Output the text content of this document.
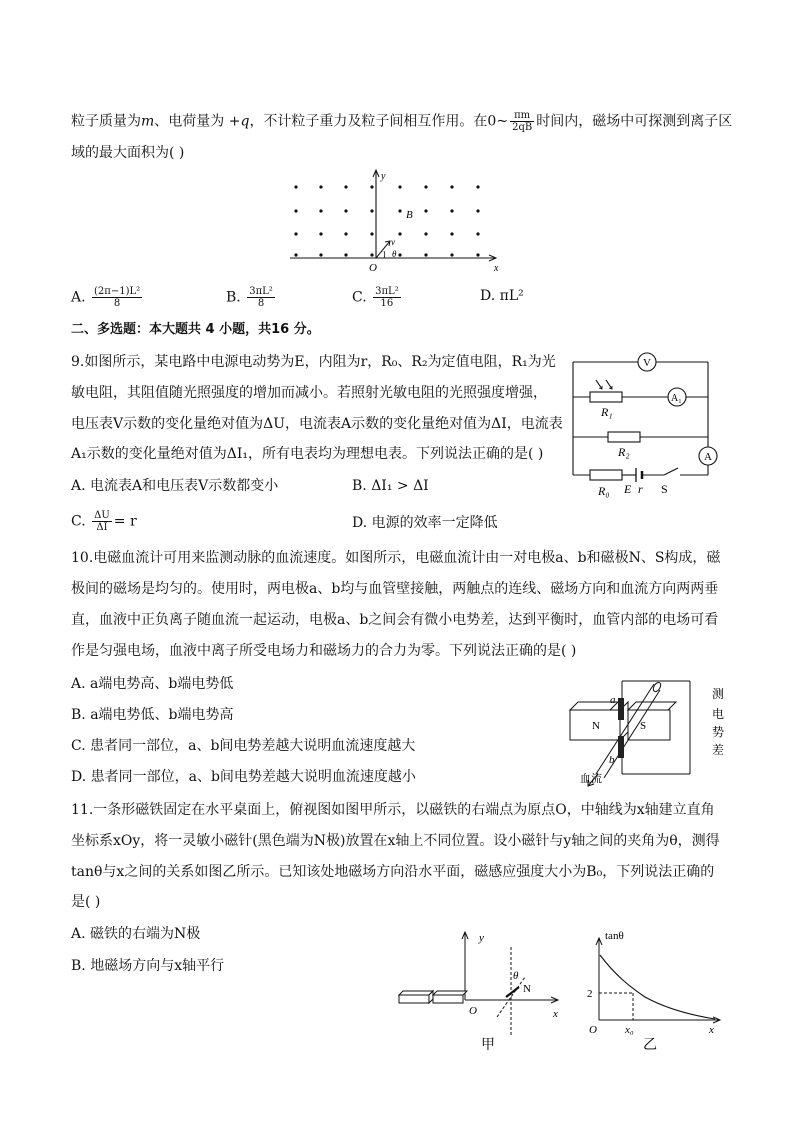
粒子质量为m、电荷量为 +q，不计粒子重力及粒子间相互作用。在0~ $\frac{\pi m}{2qB}$ 时间内，磁场中可探测到离子区
域的最大面积为( )
y
x
O
B
v
θ
A. $\frac{\text{(2π−1)L²}}{8}$	B. $\frac{\text{3πL²}}{8}$	C. $\frac{\text{3πL²}}{16}$	D. πL²
二、多选题：本大题共 4 小题，共16 分。
9.如图所示，某电路中电源电动势为E，内阻为r，R₀、R₂为定值电阻，R₁为光
敏电阻，其阻值随光照强度的增加而减小。若照射光敏电阻的光照强度增强，
电压表V示数的变化量绝对值为ΔU，电流表A示数的变化量绝对值为ΔI，电流表
A₁示数的变化量绝对值为ΔI₁，所有电表均为理想电表。下列说法正确的是( )
A. 电流表A和电压表V示数都变小	B. ΔI₁ > ΔI
C. $\frac{\Delta U}{\Delta I} = r$	D. 电源的效率一定降低
V
A₁
A
R₁
R₂
R₀ E r S
10.电磁血流计可用来监测动脉的血流速度。如图所示，电磁血流计由一对电极a、b和磁极N、S构成，磁
极间的磁场是均匀的。使用时，两电极a、b均与血管壁接触，两触点的连线、磁场方向和血流方向两两垂
直，血液中正负离子随血流一起运动，电极a、b之间会有微小电势差，达到平衡时，血管内部的电场可看
作是匀强电场，血液中离子所受电场力和磁场力的合力为零。下列说法正确的是( )
A. a端电势高、b端电势低
B. a端电势低、b端电势高
C. 患者同一部位，a、b间电势差越大说明血流速度越大
D. 患者同一部位，a、b间电势差越大说明血流速度越小
N	S
a
b
血流
测
电
势
差
11.一条形磁铁固定在水平桌面上，俯视图如图甲所示，以磁铁的右端点为原点O，中轴线为x轴建立直角
坐标系xOy，将一灵敏小磁针(黑色端为N极)放置在x轴上不同位置。设小磁针与y轴之间的夹角为θ，测得
tanθ与x之间的关系如图乙所示。已知该处地磁场方向沿水平面，磁感应强度大小为B₀，下列说法正确的
是( )
A. 磁铁的右端为N极
B. 地磁场方向与x轴平行
y
x
O
θ
N
甲
tanθ
x
O
2
x₀
乙
